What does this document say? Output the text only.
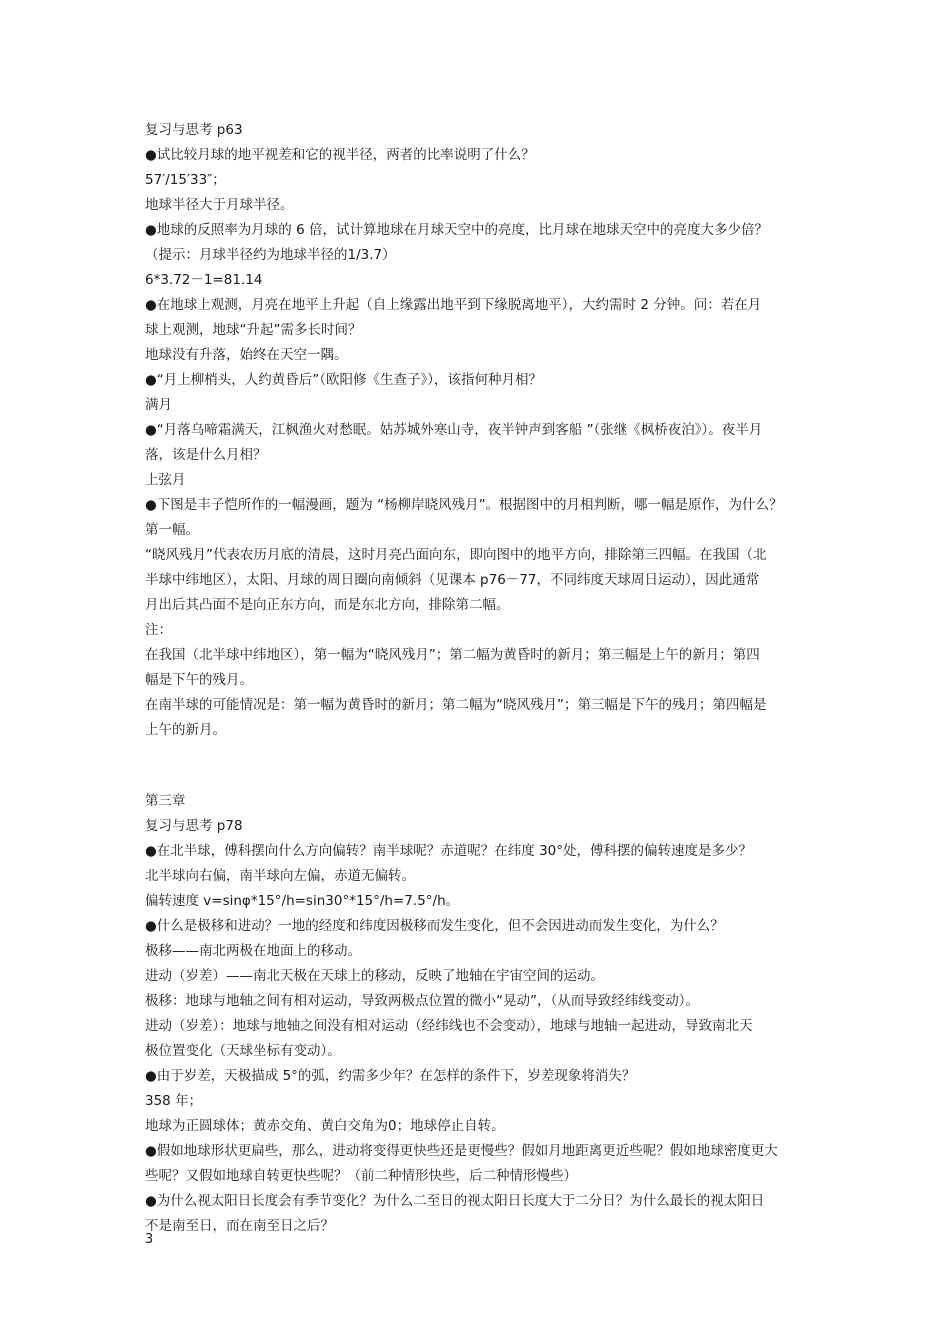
复习与思考 p63
●试比较月球的地平视差和它的视半径，两者的比率说明了什么？
57′/15′33″；
地球半径大于月球半径。
●地球的反照率为月球的 6 倍，试计算地球在月球天空中的亮度，比月球在地球天空中的亮度大多少倍？
（提示：月球半径约为地球半径的1/3.7）
6*3.72－1=81.14
●在地球上观测，月亮在地平上升起（自上缘露出地平到下缘脱离地平），大约需时 2 分钟。问：若在月
球上观测，地球“升起”需多长时间？
地球没有升落，始终在天空一隅。
●“月上柳梢头，人约黄昏后”（欧阳修《生查子》），该指何种月相？
满月
●“月落乌啼霜满天，江枫渔火对愁眠。姑苏城外寒山寺，夜半钟声到客船 ”（张继《枫桥夜泊》）。夜半月
落，该是什么月相？
上弦月
●下图是丰子恺所作的一幅漫画，题为 “杨柳岸晓风残月”。根据图中的月相判断，哪一幅是原作，为什么？
第一幅。
“晓风残月”代表农历月底的清晨，这时月亮凸面向东，即向图中的地平方向，排除第三四幅。在我国（北
半球中纬地区），太阳、月球的周日圈向南倾斜（见课本 p76－77，不同纬度天球周日运动），因此通常
月出后其凸面不是向正东方向，而是东北方向，排除第二幅。
注：
在我国（北半球中纬地区），第一幅为“晓风残月”；第二幅为黄昏时的新月；第三幅是上午的新月；第四
幅是下午的残月。
在南半球的可能情况是：第一幅为黄昏时的新月；第二幅为“晓风残月”；第三幅是下午的残月；第四幅是
上午的新月。
第三章
复习与思考 p78
●在北半球，傅科摆向什么方向偏转？南半球呢？赤道呢？在纬度 30°处，傅科摆的偏转速度是多少？
北半球向右偏，南半球向左偏，赤道无偏转。
偏转速度 v=sinφ*15°/h=sin30°*15°/h=7.5°/h。
●什么是极移和进动？一地的经度和纬度因极移而发生变化，但不会因进动而发生变化，为什么？
极移——南北两极在地面上的移动。
进动（岁差）——南北天极在天球上的移动，反映了地轴在宇宙空间的运动。
极移：地球与地轴之间有相对运动，导致两极点位置的微小“晃动”，（从而导致经纬线变动）。
进动（岁差）：地球与地轴之间没有相对运动（经纬线也不会变动），地球与地轴一起进动，导致南北天
极位置变化（天球坐标有变动）。
●由于岁差，天极描成 5°的弧，约需多少年？在怎样的条件下，岁差现象将消失？
358 年；
地球为正圆球体；黄赤交角、黄白交角为0；地球停止自转。
●假如地球形状更扁些，那么，进动将变得更快些还是更慢些？假如月地距离更近些呢？假如地球密度更大
些呢？又假如地球自转更快些呢？（前二种情形快些，后二种情形慢些）
●为什么视太阳日长度会有季节变化？为什么二至日的视太阳日长度大于二分日？为什么最长的视太阳日
不是南至日，而在南至日之后？
3
